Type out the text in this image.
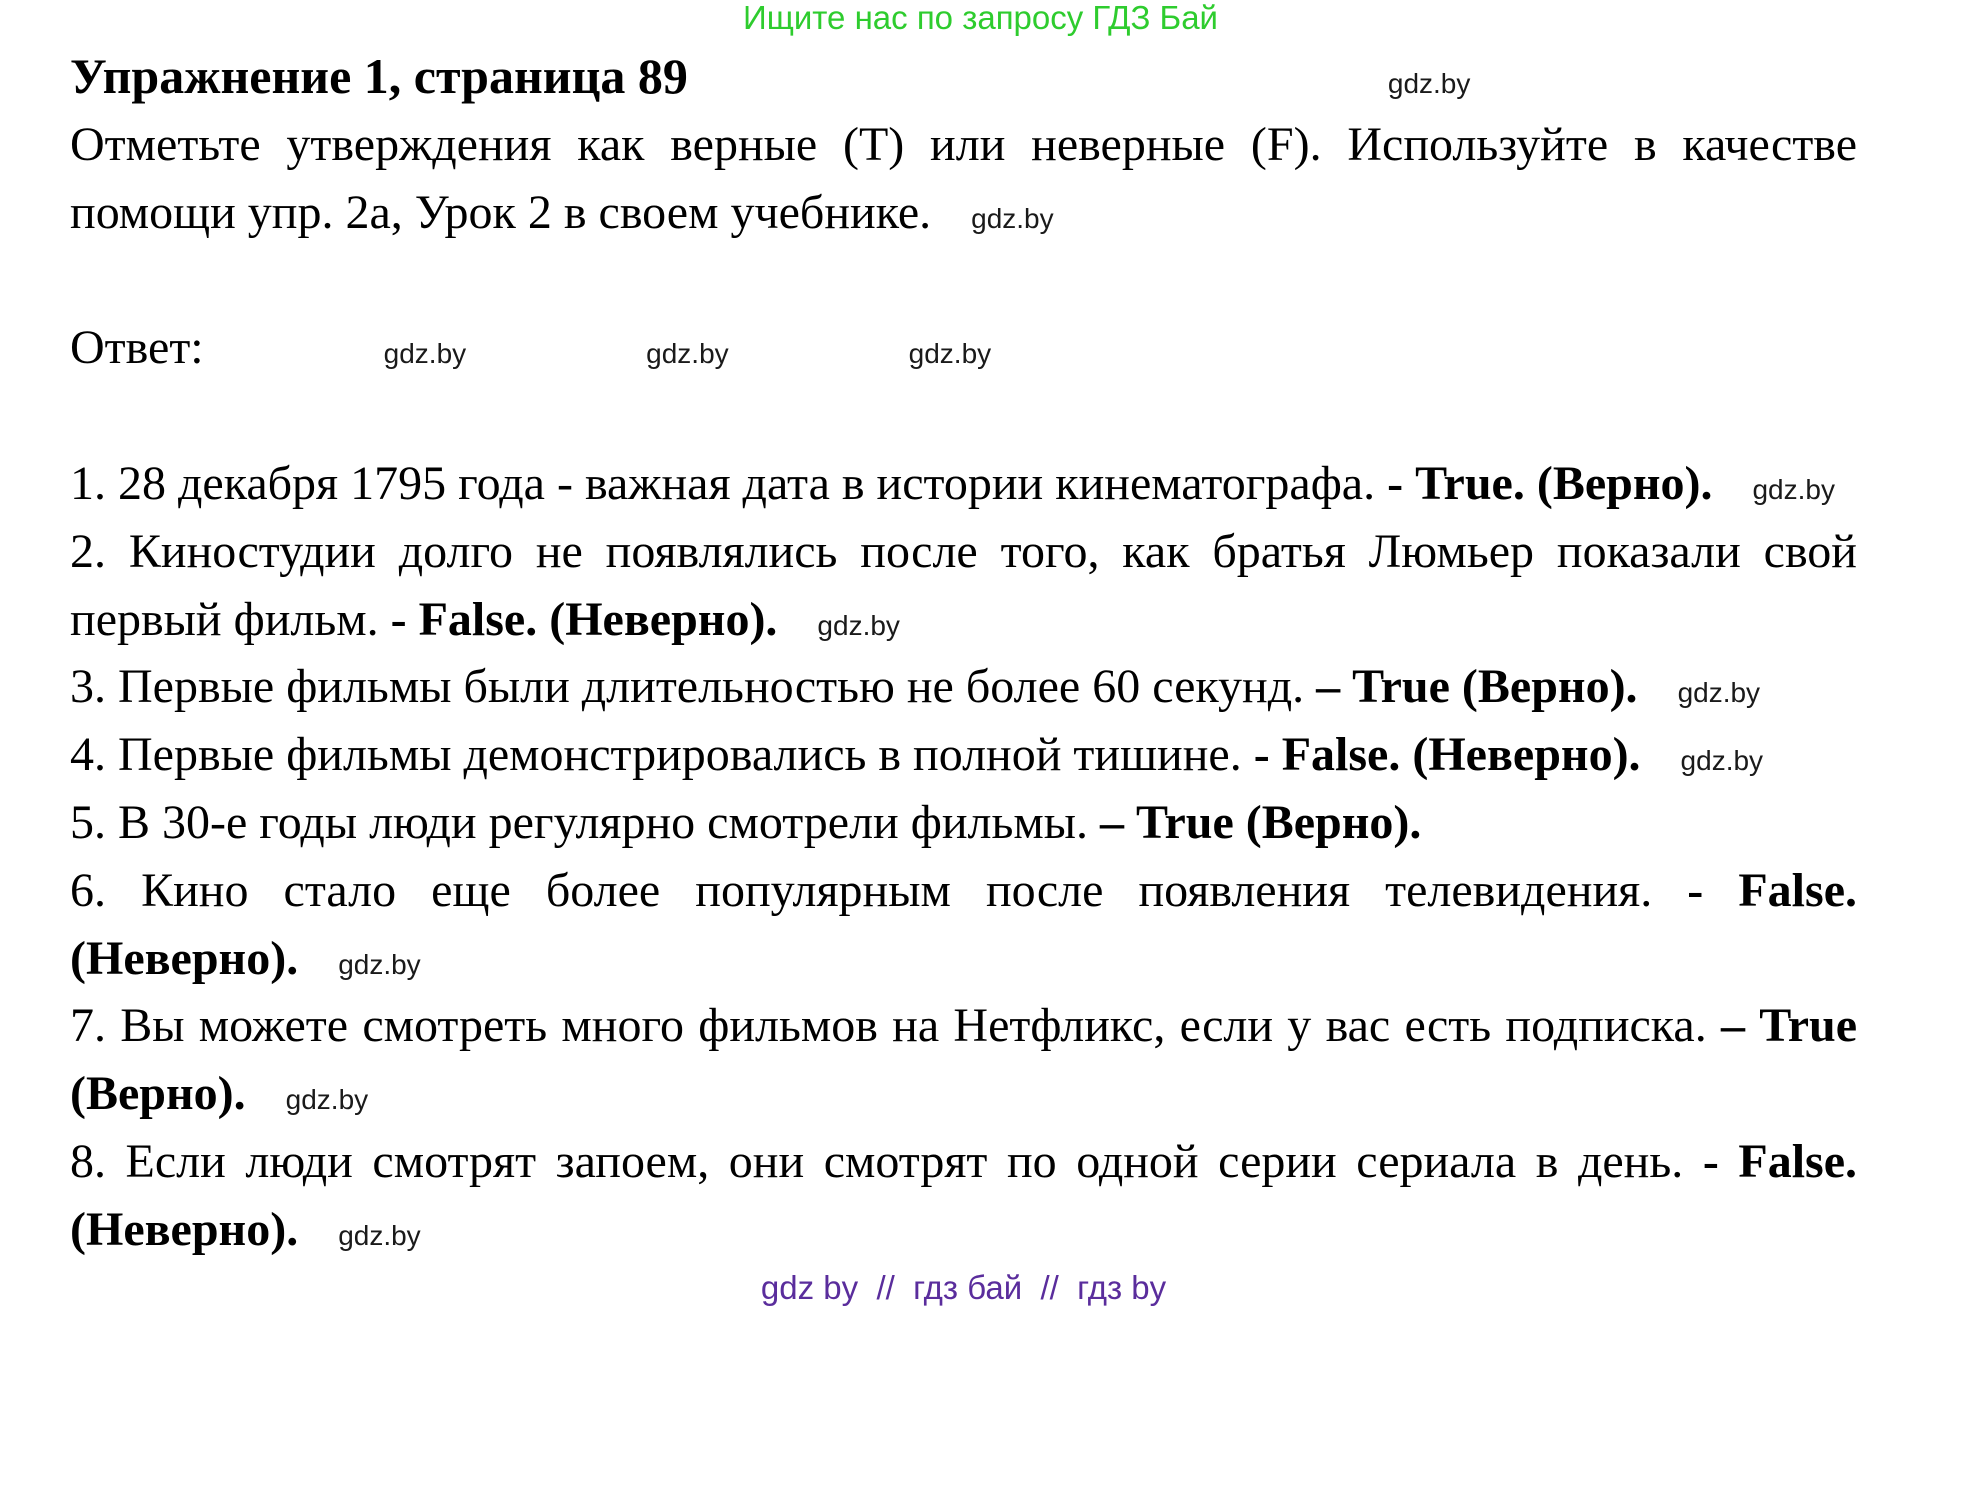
Ищите нас по запросу ГДЗ Бай
Упражнение 1, страница 89	gdz.by

Отметьте утверждения как верные (T) или неверные (F). Используйте в качестве помощи упр. 2a, Урок 2 в своем учебнике. gdz.by

Ответ:	gdz.by	gdz.by	gdz.by

1. 28 декабря 1795 года - важная дата в истории кинематографа. - True. (Верно). gdz.by

2. Киностудии долго не появлялись после того, как братья Люмьер показали свой первый фильм. - False. (Неверно). gdz.by

3. Первые фильмы были длительностью не более 60 секунд. – True (Верно). gdz.by

4. Первые фильмы демонстрировались в полной тишине. - False. (Неверно). gdz.by

5. В 30-е годы люди регулярно смотрели фильмы. – True (Верно).

6. Кино стало еще более популярным после появления телевидения. - False. (Неверно). gdz.by

7. Вы можете смотреть много фильмов на Нетфликс, если у вас есть подписка. – True (Верно). gdz.by

8. Если люди смотрят запоем, они смотрят по одной серии сериала в день. - False. (Неверно). gdz.by

gdz by  //  гдз бай  //  гдз by
